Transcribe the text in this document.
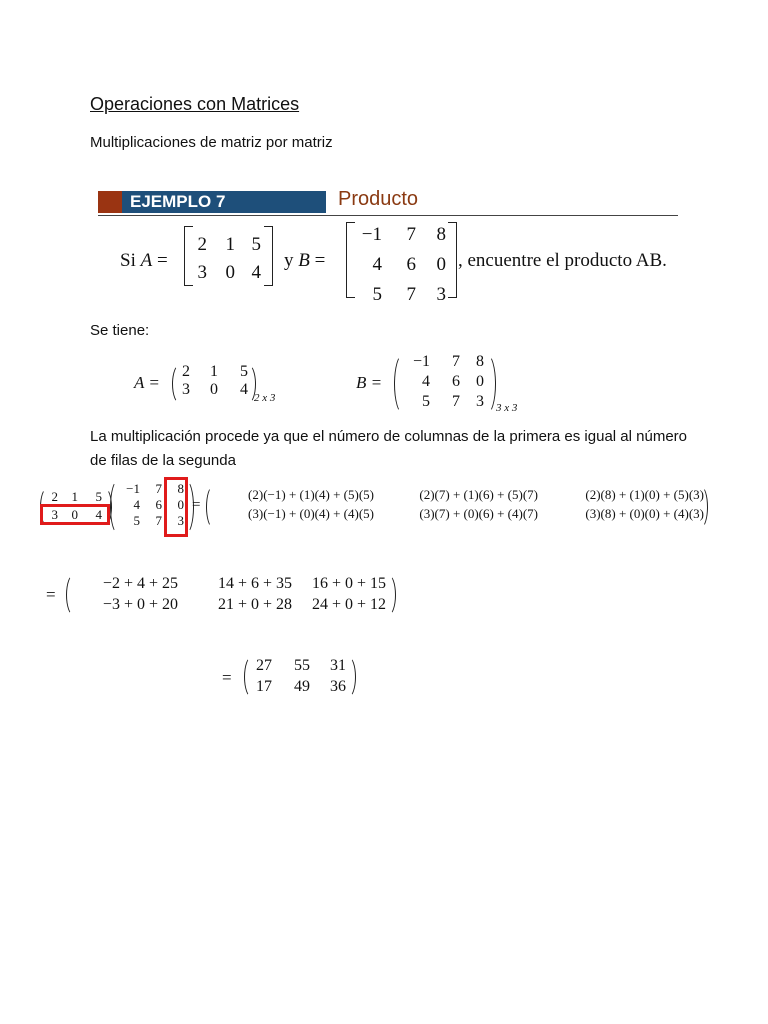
Operaciones con Matrices
Multiplicaciones de matriz por matriz
EJEMPLO 7	Producto
Si A =	y B =	, encuentre el producto AB.
Se tiene:
A =
2 x 3
B =
3 x 3
La multiplicación procede ya que el número de columnas de la primera es igual al número
de filas de la segunda
=
=
=
2 1 5
3 0 4
−1 7 8
4 6 0
5 7 3
2 1 5
3 0 4
−1 7 8
4 6 0
5 7 3
2 1 5
3 0 4
−1 7 8
4 6 0
5 7 3
(2)(−1) + (1)(4) + (5)(5)	(2)(7) + (1)(6) + (5)(7)	(2)(8) + (1)(0) + (5)(3)
(3)(−1) + (0)(4) + (4)(5)	(3)(7) + (0)(6) + (4)(7)	(3)(8) + (0)(0) + (4)(3)
−2 + 4 + 25 14 + 6 + 35 16 + 0 + 15
−3 + 0 + 20 21 + 0 + 28 24 + 0 + 12
27 55 31
17 49 36
